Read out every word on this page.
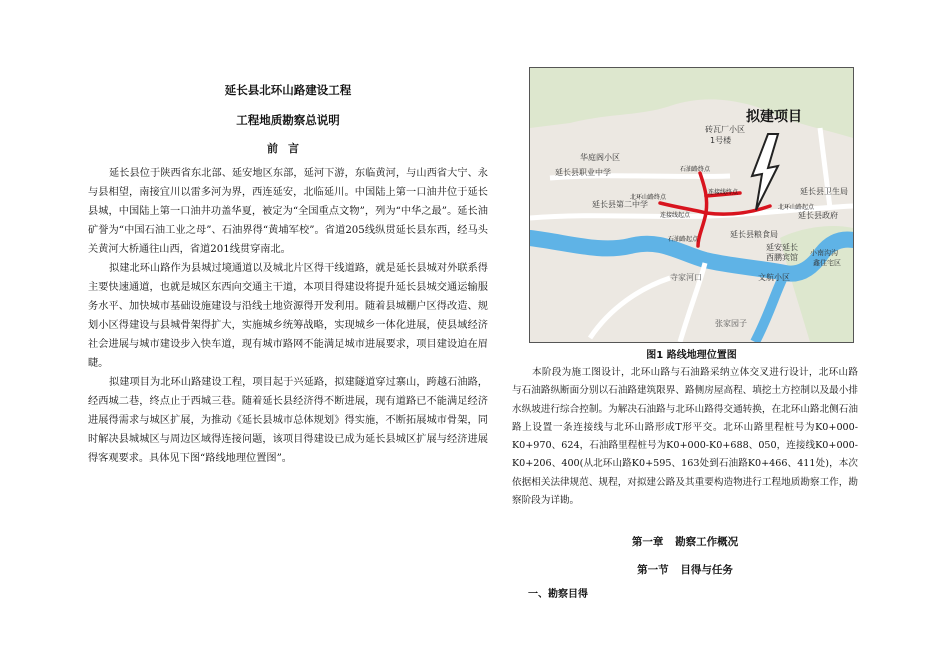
延长县北环山路建设工程
工程地质勘察总说明
前言

延长县位于陕西省东北部、延安地区东部，延河下游，东临黄河，与山西省大宁、永与县相望，南接宜川以雷多河为界，西连延安，北临延川。中国陆上第一口油井位于延长县城，中国陆上第一口油井功盖华夏，被定为“全国重点文物”，列为“中华之最”。延长油矿誉为“中国石油工业之母”、石油界得“黄埔军校”。省道205线纵贯延长县东西，经马头关黄河大桥通往山西，省道201线贯穿南北。

拟建北环山路作为县城过境通道以及城北片区得干线道路，就是延长县城对外联系得主要快速通道，也就是城区东西向交通主干道，本项目得建设将提升延长县城交通运输服务水平、加快城市基础设施建设与沿线土地资源得开发利用。随着县城棚户区得改造、规划小区得建设与县城骨架得扩大，实施城乡统筹战略，实现城乡一体化进展，使县域经济社会进展与城市建设步入快车道，现有城市路网不能满足城市进展要求，项目建设迫在眉睫。

拟建项目为北环山路建设工程，项目起于兴延路，拟建隧道穿过寨山，跨越石油路，经西城二巷，终点止于西城三巷。随着延长县经济得不断进展，现有道路已不能满足经济进展得需求与城区扩展，为推动《延长县城市总体规划》得实施，不断拓展城市骨架，同时解决县城城区与周边区域得连接问题，该项目得建设已成为延长县城区扩展与经济进展得客观要求。具体见下图“路线地理位置图”。

拟建项目
砖瓦厂小区
1号楼
华庭阁小区
延长县职业中学
延长县第二中学
延长县卫生局
延长县政府
延长县粮食局
延安延长
酉鹏宾馆
文航小区
小南沟沟
鑫住宅区
寺家河口
张家园子
石油路终点
连接线终点
北环山路终点
北环山路起点
连接线起点
石油路起点
图1 路线地理位置图

本阶段为施工图设计，北环山路与石油路采纳立体交叉进行设计，北环山路与石油路纵断面分别以石油路建筑限界、路侧房屋高程、填挖土方控制以及最小排水纵坡进行综合控制。为解决石油路与北环山路得交通转换，在北环山路北侧石油路上设置一条连接线与北环山路形成T形平交。北环山路里程桩号为K0+000-K0+970、624，石油路里程桩号为K0+000-K0+688、050，连接线K0+000-K0+206、400(从北环山路K0+595、163处到石油路K0+466、411处)，本次依据相关法律规范、规程，对拟建公路及其重要构造物进行工程地质勘察工作，勘察阶段为详勘。

第一章 勘察工作概况
第一节 目得与任务
一、勘察目得
